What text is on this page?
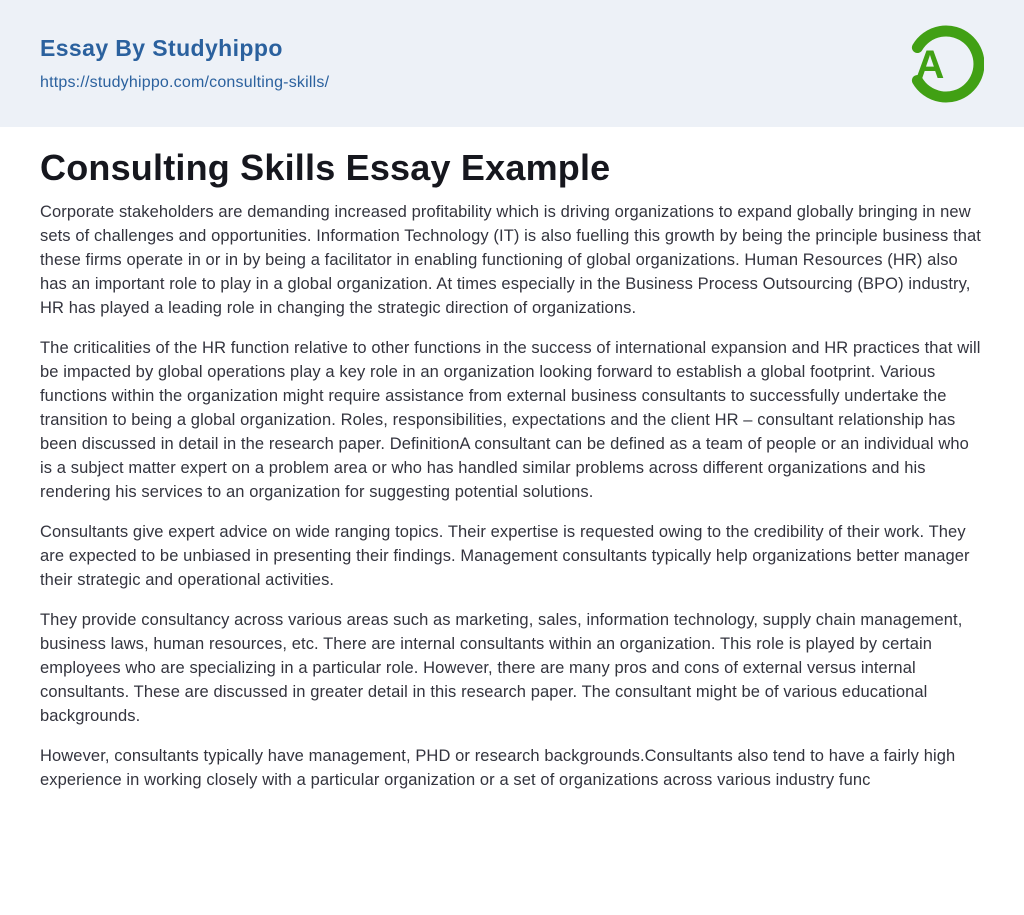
Essay By Studyhippo
https://studyhippo.com/consulting-skills/	A
Consulting Skills Essay Example

Corporate stakeholders are demanding increased profitability which is driving organizations to expand globally bringing in new sets of challenges and opportunities. Information Technology (IT) is also fuelling this growth by being the principle business that these firms operate in or in by being a facilitator in enabling functioning of global organizations. Human Resources (HR) also has an important role to play in a global organization. At times especially in the Business Process Outsourcing (BPO) industry, HR has played a leading role in changing the strategic direction of organizations.

The criticalities of the HR function relative to other functions in the success of international expansion and HR practices that will be impacted by global operations play a key role in an organization looking forward to establish a global footprint. Various functions within the organization might require assistance from external business consultants to successfully undertake the transition to being a global organization. Roles, responsibilities, expectations and the client HR – consultant relationship has been discussed in detail in the research paper. DefinitionA consultant can be defined as a team of people or an individual who is a subject matter expert on a problem area or who has handled similar problems across different organizations and his rendering his services to an organization for suggesting potential solutions.

Consultants give expert advice on wide ranging topics. Their expertise is requested owing to the credibility of their work. They are expected to be unbiased in presenting their findings. Management consultants typically help organizations better manager their strategic and operational activities.

They provide consultancy across various areas such as marketing, sales, information technology, supply chain management, business laws, human resources, etc. There are internal consultants within an organization. This role is played by certain employees who are specializing in a particular role. However, there are many pros and cons of external versus internal consultants. These are discussed in greater detail in this research paper. The consultant might be of various educational backgrounds.

However, consultants typically have management, PHD or research backgrounds.Consultants also tend to have a fairly high experience in working closely with a particular organization or a set of organizations across various industry func
